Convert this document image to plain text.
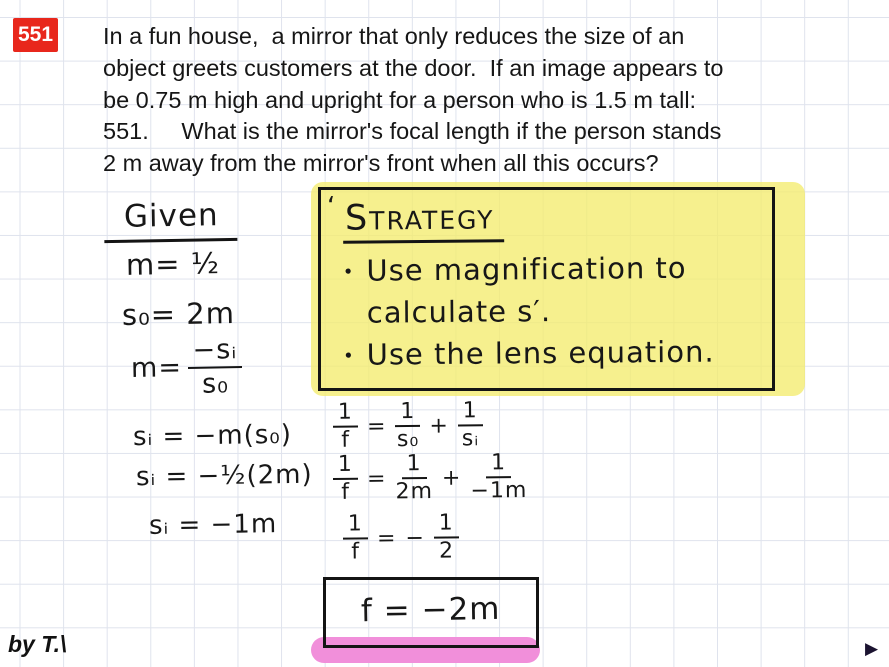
551 In a fun house,  a mirror that only reduces the size of an
object greets customers at the door.  If an image appears to
be 0.75 m high and upright for a person who is 1.5 m tall:
551.     What is the mirror's focal length if the person stands
2 m away from the mirror's front when all this occurs?
Given
m= ½
s₀= 2m
$m= \frac{\text{−sᵢ}}{\text{s₀}}$
‘ Strategy
• Use magnification to calculate s′.
• Use the lens equation.
sᵢ = −m(s₀)
sᵢ = −½(2m)
sᵢ = −1m
$\frac{1}{f} = \frac{1}{\text{s₀}} + \frac{1}{\text{sᵢ}}$
$\frac{1}{f} = \frac{1}{2m} + \frac{1}{-1m}$
$\frac{1}{f}$ = − $\frac{1}{2}$
f = −2m
by T.\	▶
